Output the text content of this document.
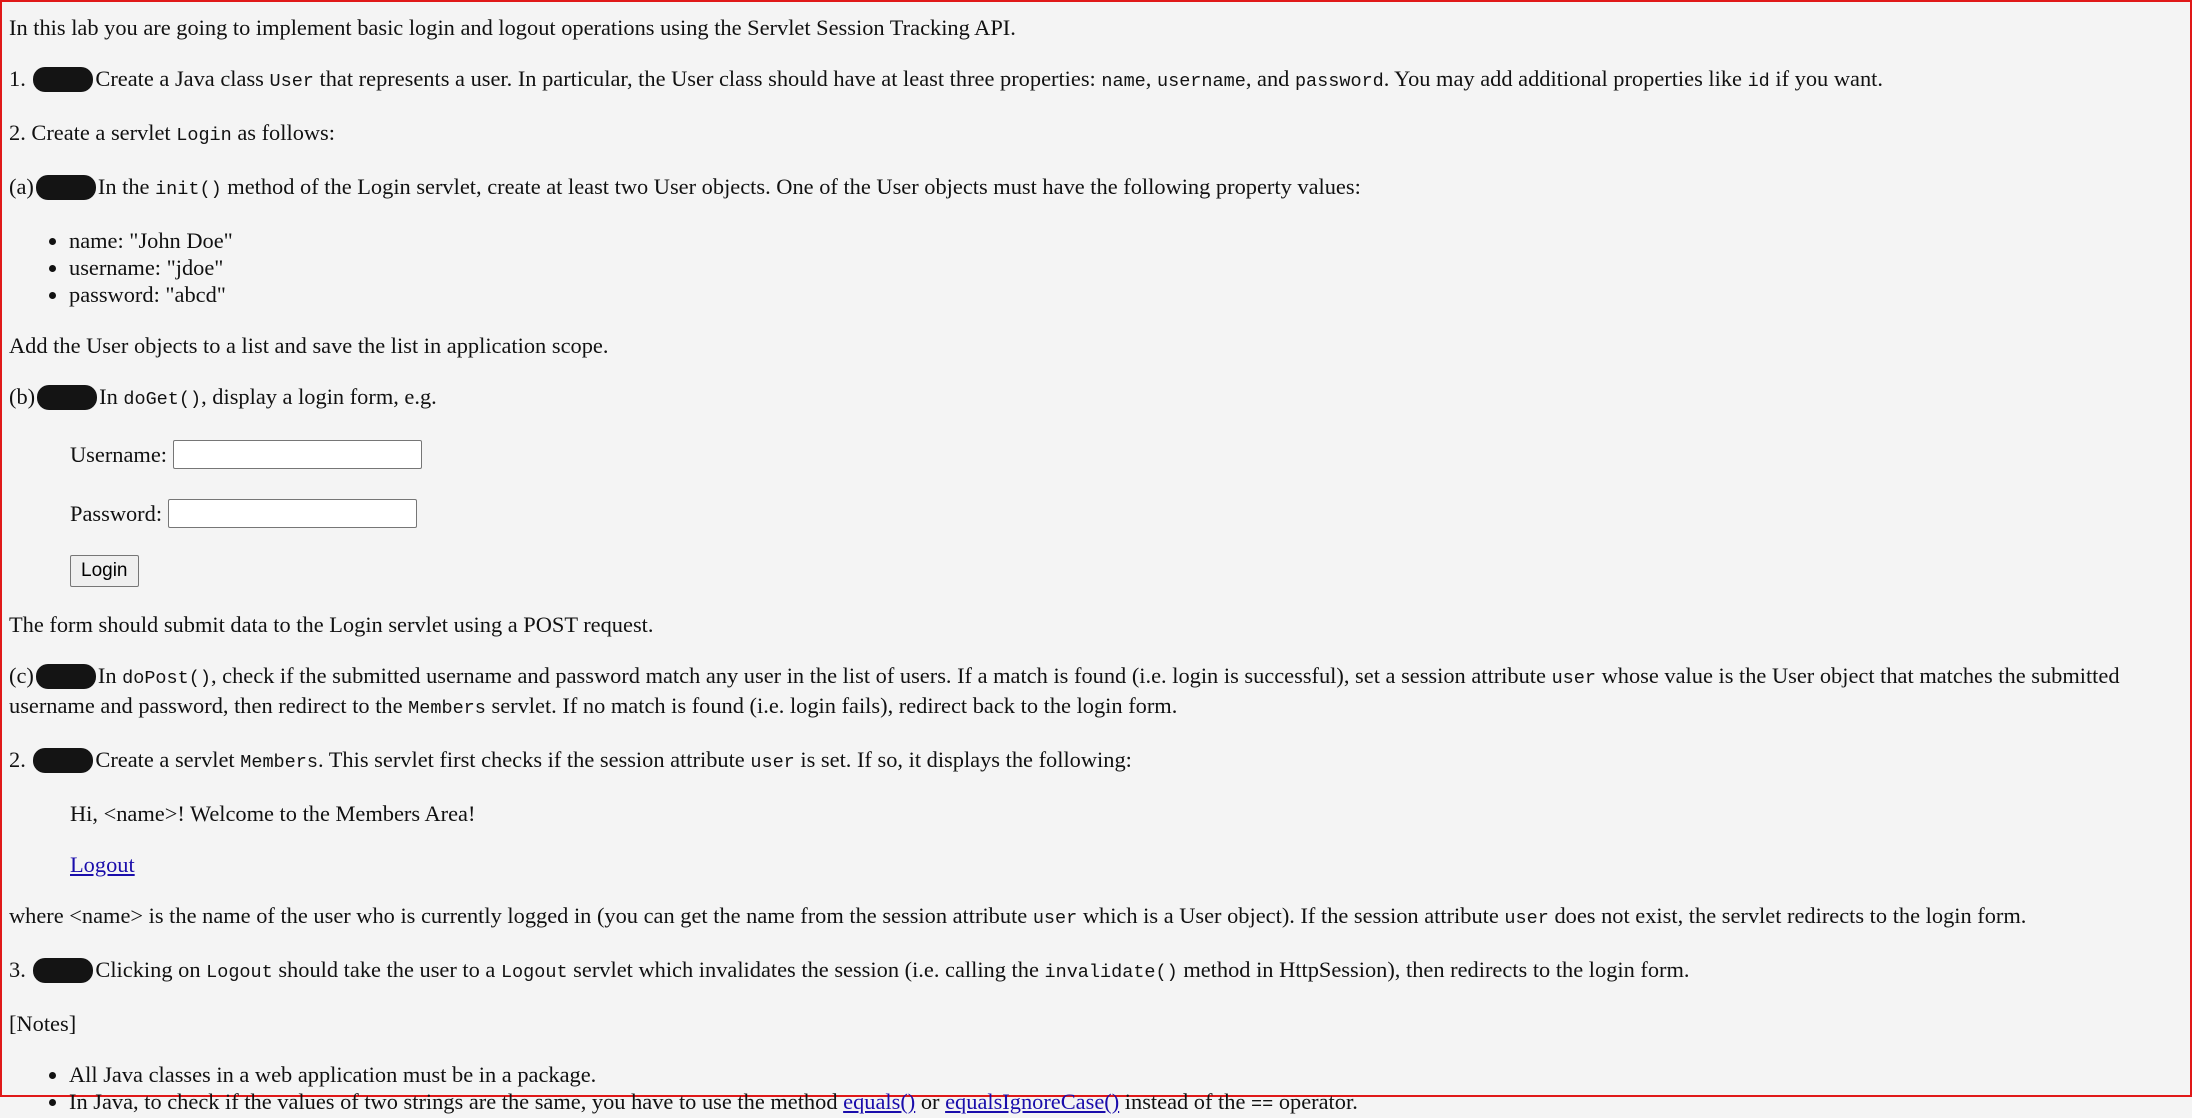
In this lab you are going to implement basic login and logout operations using the Servlet Session Tracking API.

1.	Create a Java class User that represents a user. In particular, the User class should have at least three properties: name, username, and password. You may add additional properties like id if you want.

2. Create a servlet Login as follows:

(a)	In the init() method of the Login servlet, create at least two User objects. One of the User objects must have the following property values:

• name: "John Doe"
• username: "jdoe"
• password: "abcd"

Add the User objects to a list and save the list in application scope.

(b)	In doGet(), display a login form, e.g.

Username:
Password:
Login

The form should submit data to the Login servlet using a POST request.

(c)	In doPost(), check if the submitted username and password match any user in the list of users. If a match is found (i.e. login is successful), set a session attribute user whose value is the User object that matches the submitted username and password, then redirect to the Members servlet. If no match is found (i.e. login fails), redirect back to the login form.

2.	Create a servlet Members. This servlet first checks if the session attribute user is set. If so, it displays the following:

Hi, <name>! Welcome to the Members Area!

Logout

where <name> is the name of the user who is currently logged in (you can get the name from the session attribute user which is a User object). If the session attribute user does not exist, the servlet redirects to the login form.

3.	Clicking on Logout should take the user to a Logout servlet which invalidates the session (i.e. calling the invalidate() method in HttpSession), then redirects to the login form.

[Notes]

• All Java classes in a web application must be in a package.
• In Java, to check if the values of two strings are the same, you have to use the method equals() or equalsIgnoreCase() instead of the == operator.
